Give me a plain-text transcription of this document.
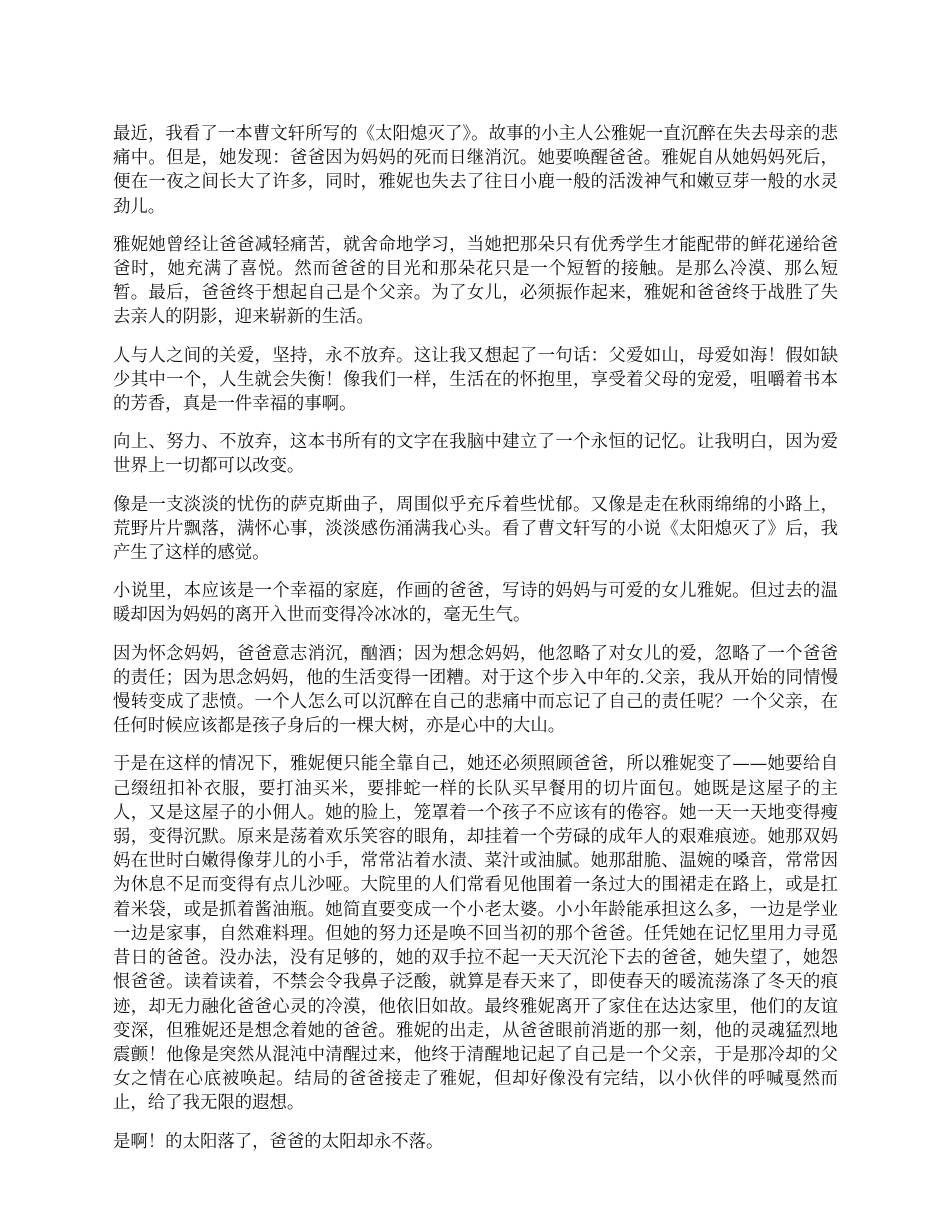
最近，我看了一本曹文轩所写的《太阳熄灭了》。故事的小主人公雅妮一直沉醉在失去母亲的悲痛中。但是，她发现：爸爸因为妈妈的死而日继消沉。她要唤醒爸爸。雅妮自从她妈妈死后，便在一夜之间长大了许多，同时，雅妮也失去了往日小鹿一般的活泼神气和嫩豆芽一般的水灵劲儿。

雅妮她曾经让爸爸减轻痛苦，就舍命地学习，当她把那朵只有优秀学生才能配带的鲜花递给爸爸时，她充满了喜悦。然而爸爸的目光和那朵花只是一个短暂的接触。是那么冷漠、那么短暂。最后，爸爸终于想起自己是个父亲。为了女儿，必须振作起来，雅妮和爸爸终于战胜了失去亲人的阴影，迎来崭新的生活。

人与人之间的关爱，坚持，永不放弃。这让我又想起了一句话：父爱如山，母爱如海！假如缺少其中一个，人生就会失衡！像我们一样，生活在的怀抱里，享受着父母的宠爱，咀嚼着书本的芳香，真是一件幸福的事啊。

向上、努力、不放弃，这本书所有的文字在我脑中建立了一个永恒的记忆。让我明白，因为爱世界上一切都可以改变。

像是一支淡淡的忧伤的萨克斯曲子，周围似乎充斥着些忧郁。又像是走在秋雨绵绵的小路上，荒野片片飘落，满怀心事，淡淡感伤涌满我心头。看了曹文轩写的小说《太阳熄灭了》后，我产生了这样的感觉。

小说里，本应该是一个幸福的家庭，作画的爸爸，写诗的妈妈与可爱的女儿雅妮。但过去的温暖却因为妈妈的离开入世而变得冷冰冰的，毫无生气。

因为怀念妈妈，爸爸意志消沉，酗酒；因为想念妈妈，他忽略了对女儿的爱，忽略了一个爸爸的责任；因为思念妈妈，他的生活变得一团糟。对于这个步入中年的.父亲，我从开始的同情慢慢转变成了悲愤。一个人怎么可以沉醉在自己的悲痛中而忘记了自己的责任呢？一个父亲，在任何时候应该都是孩子身后的一棵大树，亦是心中的大山。

于是在这样的情况下，雅妮便只能全靠自己，她还必须照顾爸爸，所以雅妮变了——她要给自己缀纽扣补衣服，要打油买米，要排蛇一样的长队买早餐用的切片面包。她既是这屋子的主人，又是这屋子的小佣人。她的脸上，笼罩着一个孩子不应该有的倦容。她一天一天地变得瘦弱，变得沉默。原来是荡着欢乐笑容的眼角，却挂着一个劳碌的成年人的艰难痕迹。她那双妈妈在世时白嫩得像芽儿的小手，常常沾着水渍、菜汁或油腻。她那甜脆、温婉的嗓音，常常因为休息不足而变得有点儿沙哑。大院里的人们常看见他围着一条过大的围裙走在路上，或是扛着米袋，或是抓着酱油瓶。她简直要变成一个小老太婆。小小年龄能承担这么多，一边是学业一边是家事，自然难料理。但她的努力还是唤不回当初的那个爸爸。任凭她在记忆里用力寻觅昔日的爸爸。没办法，没有足够的，她的双手拉不起一天天沉沦下去的爸爸，她失望了，她怨恨爸爸。读着读着，不禁会令我鼻子泛酸，就算是春天来了，即使春天的暖流荡涤了冬天的痕迹，却无力融化爸爸心灵的冷漠，他依旧如故。最终雅妮离开了家住在达达家里，他们的友谊变深，但雅妮还是想念着她的爸爸。雅妮的出走，从爸爸眼前消逝的那一刻，他的灵魂猛烈地震颤！他像是突然从混沌中清醒过来，他终于清醒地记起了自己是一个父亲，于是那冷却的父女之情在心底被唤起。结局的爸爸接走了雅妮，但却好像没有完结，以小伙伴的呼喊戛然而止，给了我无限的遐想。

是啊！的太阳落了，爸爸的太阳却永不落。
